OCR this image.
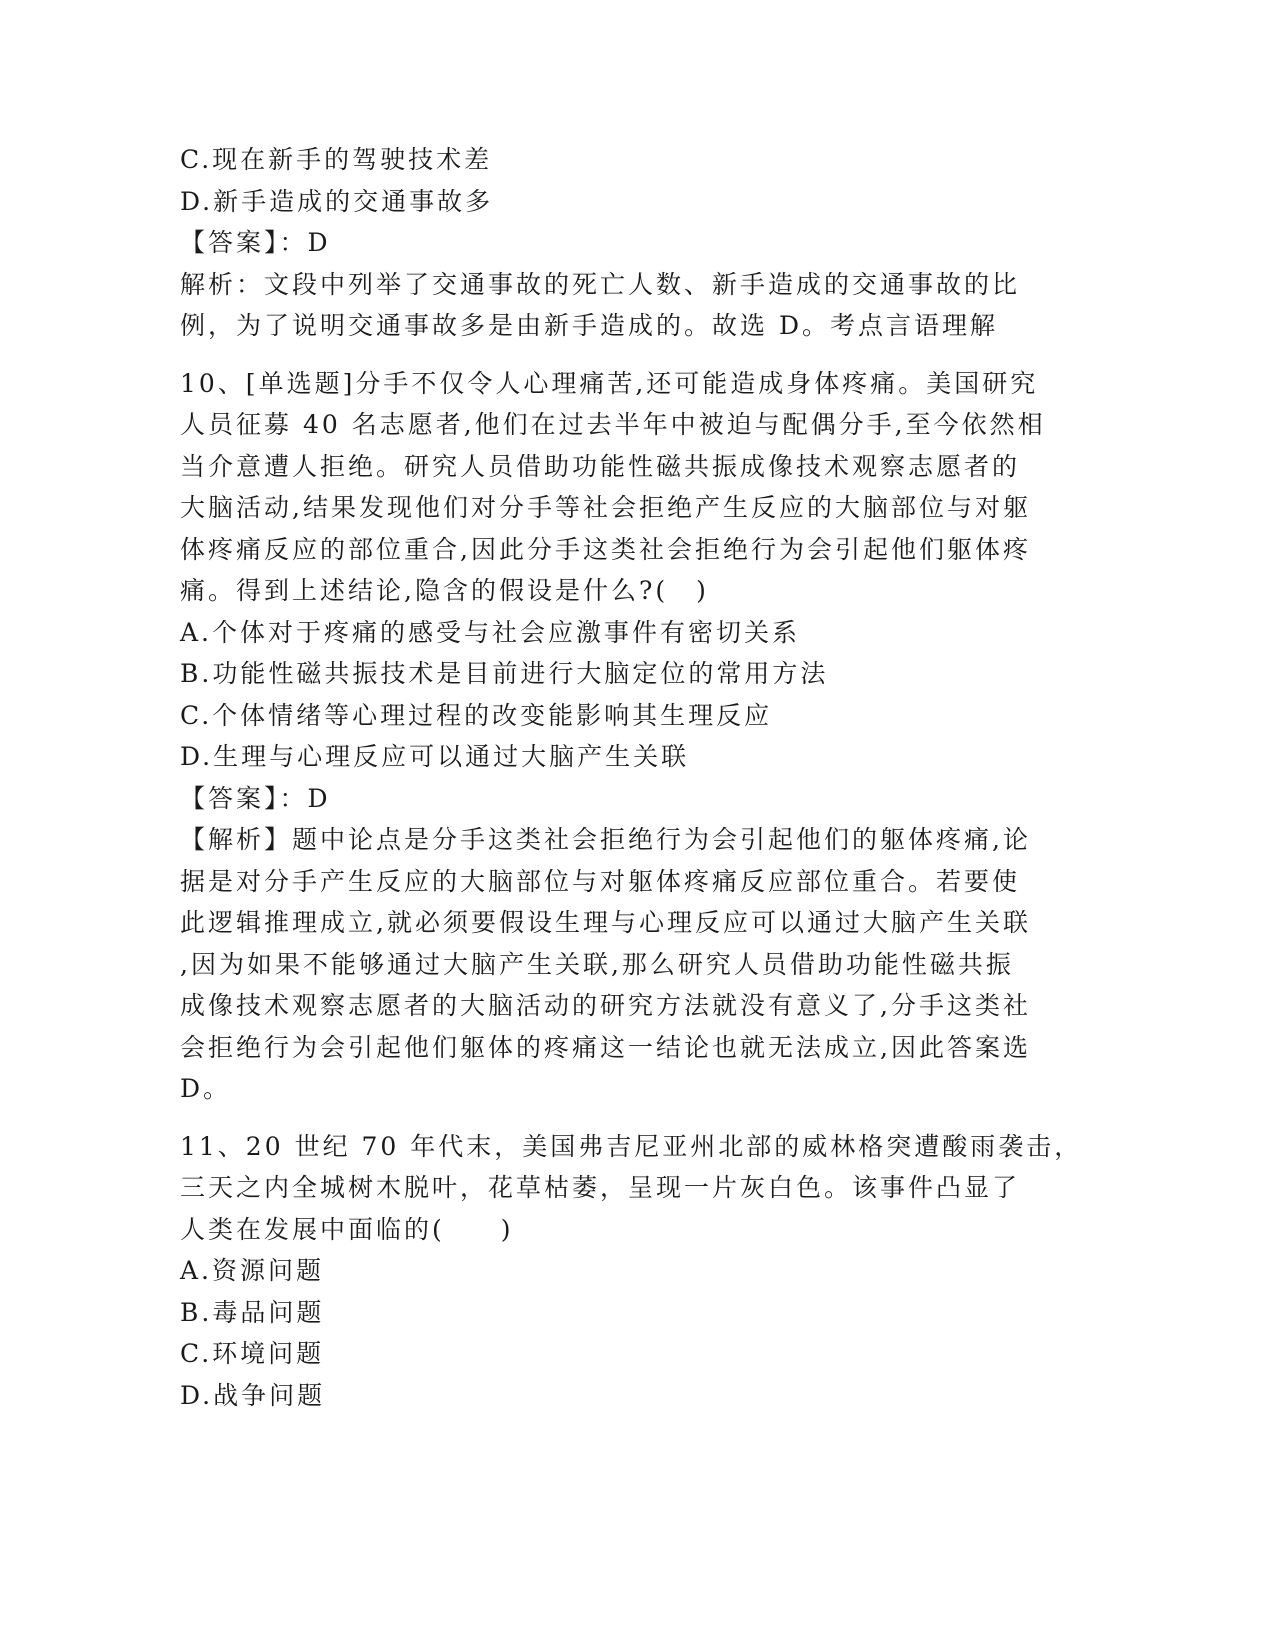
C.现在新手的驾驶技术差
D.新手造成的交通事故多
【答案】：D
解析：文段中列举了交通事故的死亡人数、新手造成的交通事故的比
例，为了说明交通事故多是由新手造成的。故选 D。考点言语理解
10、[单选题]分手不仅令人心理痛苦,还可能造成身体疼痛。美国研究
人员征募 40 名志愿者,他们在过去半年中被迫与配偶分手,至今依然相
当介意遭人拒绝。研究人员借助功能性磁共振成像技术观察志愿者的
大脑活动,结果发现他们对分手等社会拒绝产生反应的大脑部位与对躯
体疼痛反应的部位重合,因此分手这类社会拒绝行为会引起他们躯体疼
痛。得到上述结论,隐含的假设是什么?(　)
A.个体对于疼痛的感受与社会应激事件有密切关系
B.功能性磁共振技术是目前进行大脑定位的常用方法
C.个体情绪等心理过程的改变能影响其生理反应
D.生理与心理反应可以通过大脑产生关联
【答案】：D
【解析】题中论点是分手这类社会拒绝行为会引起他们的躯体疼痛,论
据是对分手产生反应的大脑部位与对躯体疼痛反应部位重合。若要使
此逻辑推理成立,就必须要假设生理与心理反应可以通过大脑产生关联
,因为如果不能够通过大脑产生关联,那么研究人员借助功能性磁共振
成像技术观察志愿者的大脑活动的研究方法就没有意义了,分手这类社
会拒绝行为会引起他们躯体的疼痛这一结论也就无法成立,因此答案选
D。
11、20 世纪 70 年代末，美国弗吉尼亚州北部的威林格突遭酸雨袭击，
三天之内全城树木脱叶，花草枯萎，呈现一片灰白色。该事件凸显了
人类在发展中面临的(　　)
A.资源问题
B.毒品问题
C.环境问题
D.战争问题
